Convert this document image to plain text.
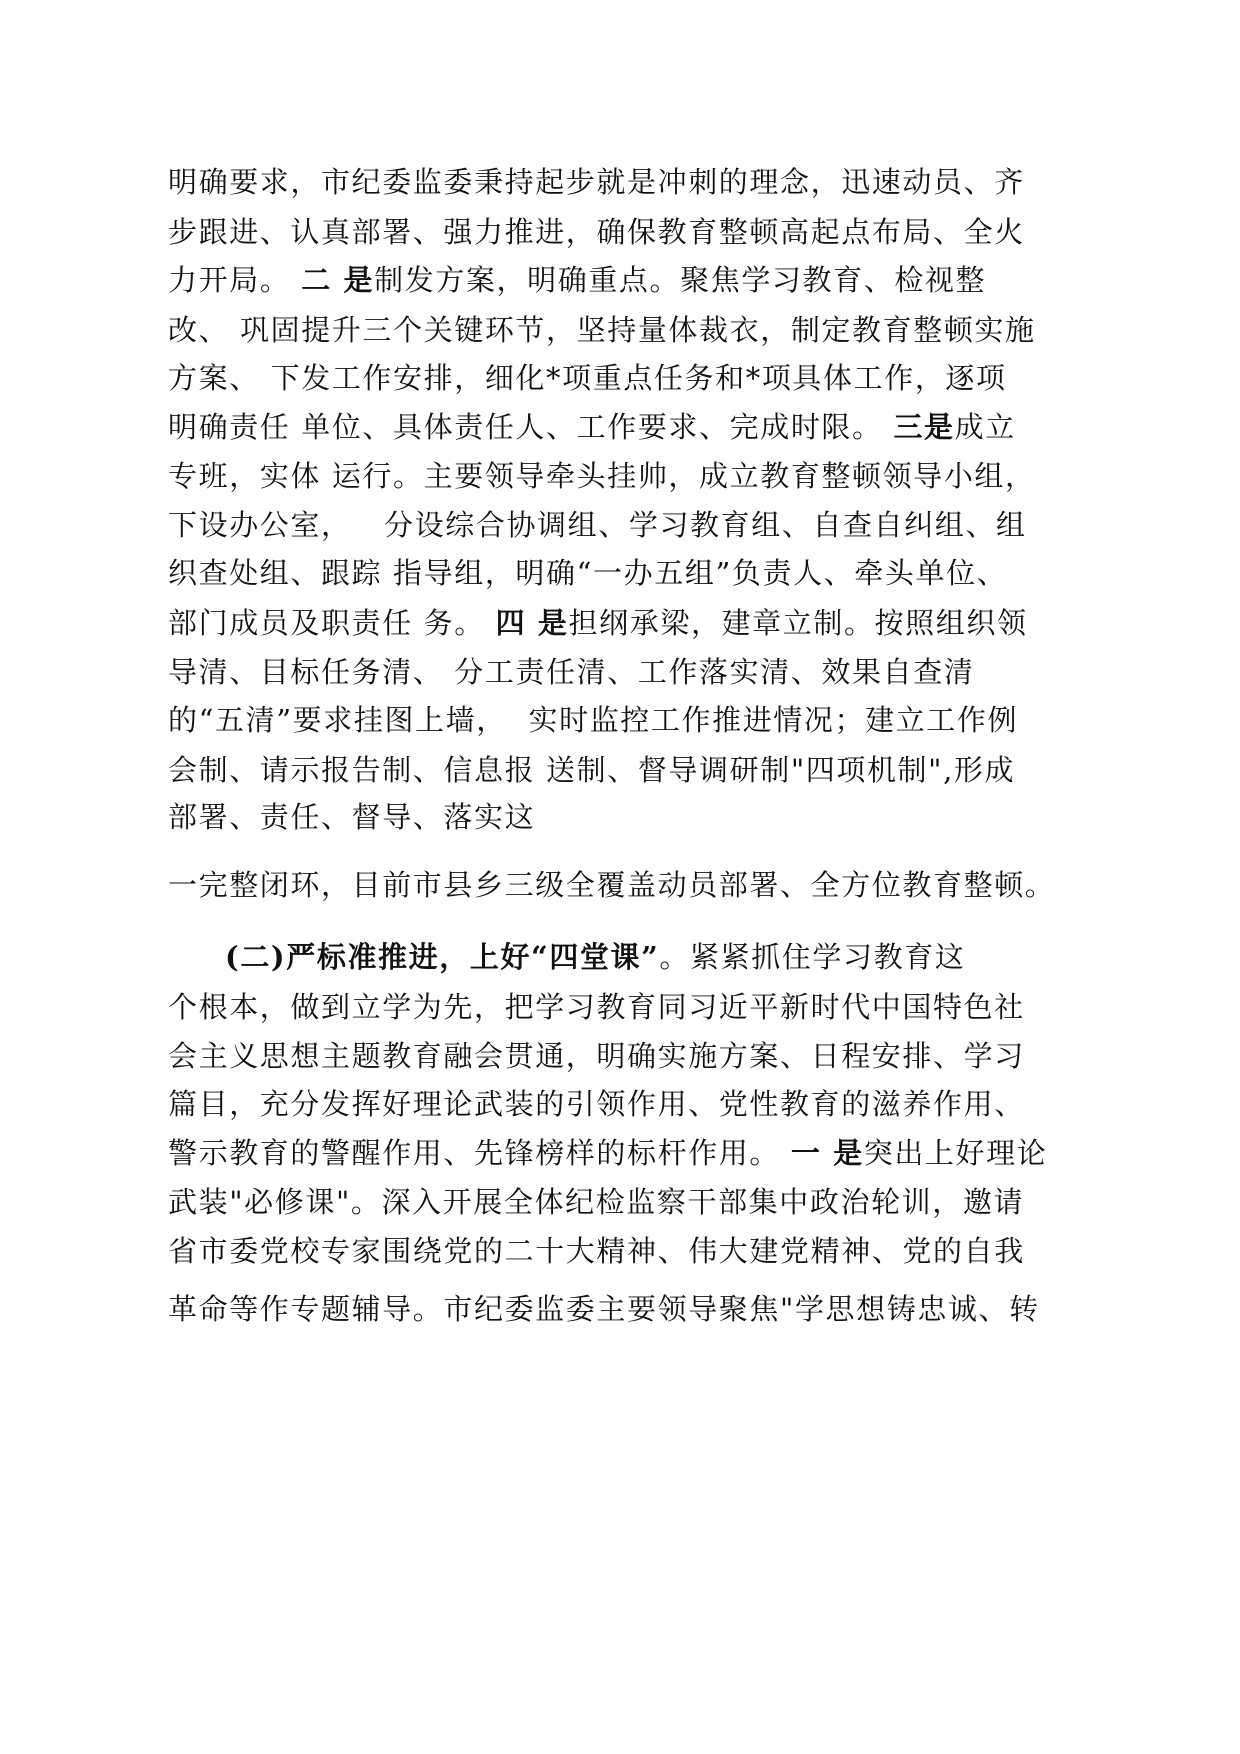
明确要求，市纪委监委秉持起步就是冲刺的理念，迅速动员、齐
步跟进、认真部署、强力推进，确保教育整顿高起点布局、全火
力开局。 二 是制发方案，明确重点。聚焦学习教育、检视整
改、 巩固提升三个关键环节，坚持量体裁衣，制定教育整顿实施
方案、 下发工作安排，细化*项重点任务和*项具体工作，逐项
明确责任 单位、具体责任人、工作要求、完成时限。 三是成立
专班，实体 运行。主要领导牵头挂帅，成立教育整顿领导小组，
下设办公室，   分设综合协调组、学习教育组、自查自纠组、组
织查处组、跟踪 指导组，明确“一办五组”负责人、牵头单位、
部门成员及职责任 务。 四 是担纲承梁，建章立制。按照组织领
导清、目标任务清、 分工责任清、工作落实清、效果自查清
的“五清”要求挂图上墙，  实时监控工作推进情况；建立工作例
会制、请示报告制、信息报 送制、督导调研制"四项机制",形成
部署、责任、督导、落实这
一完整闭环，目前市县乡三级全覆盖动员部署、全方位教育整顿。
(二)严标准推进，上好“四堂课”。紧紧抓住学习教育这
个根本，做到立学为先，把学习教育同习近平新时代中国特色社
会主义思想主题教育融会贯通，明确实施方案、日程安排、学习
篇目，充分发挥好理论武装的引领作用、党性教育的滋养作用、
警示教育的警醒作用、先锋榜样的标杆作用。 一 是突出上好理论
武装"必修课"。深入开展全体纪检监察干部集中政治轮训，邀请
省市委党校专家围绕党的二十大精神、伟大建党精神、党的自我
革命等作专题辅导。市纪委监委主要领导聚焦"学思想铸忠诚、转
